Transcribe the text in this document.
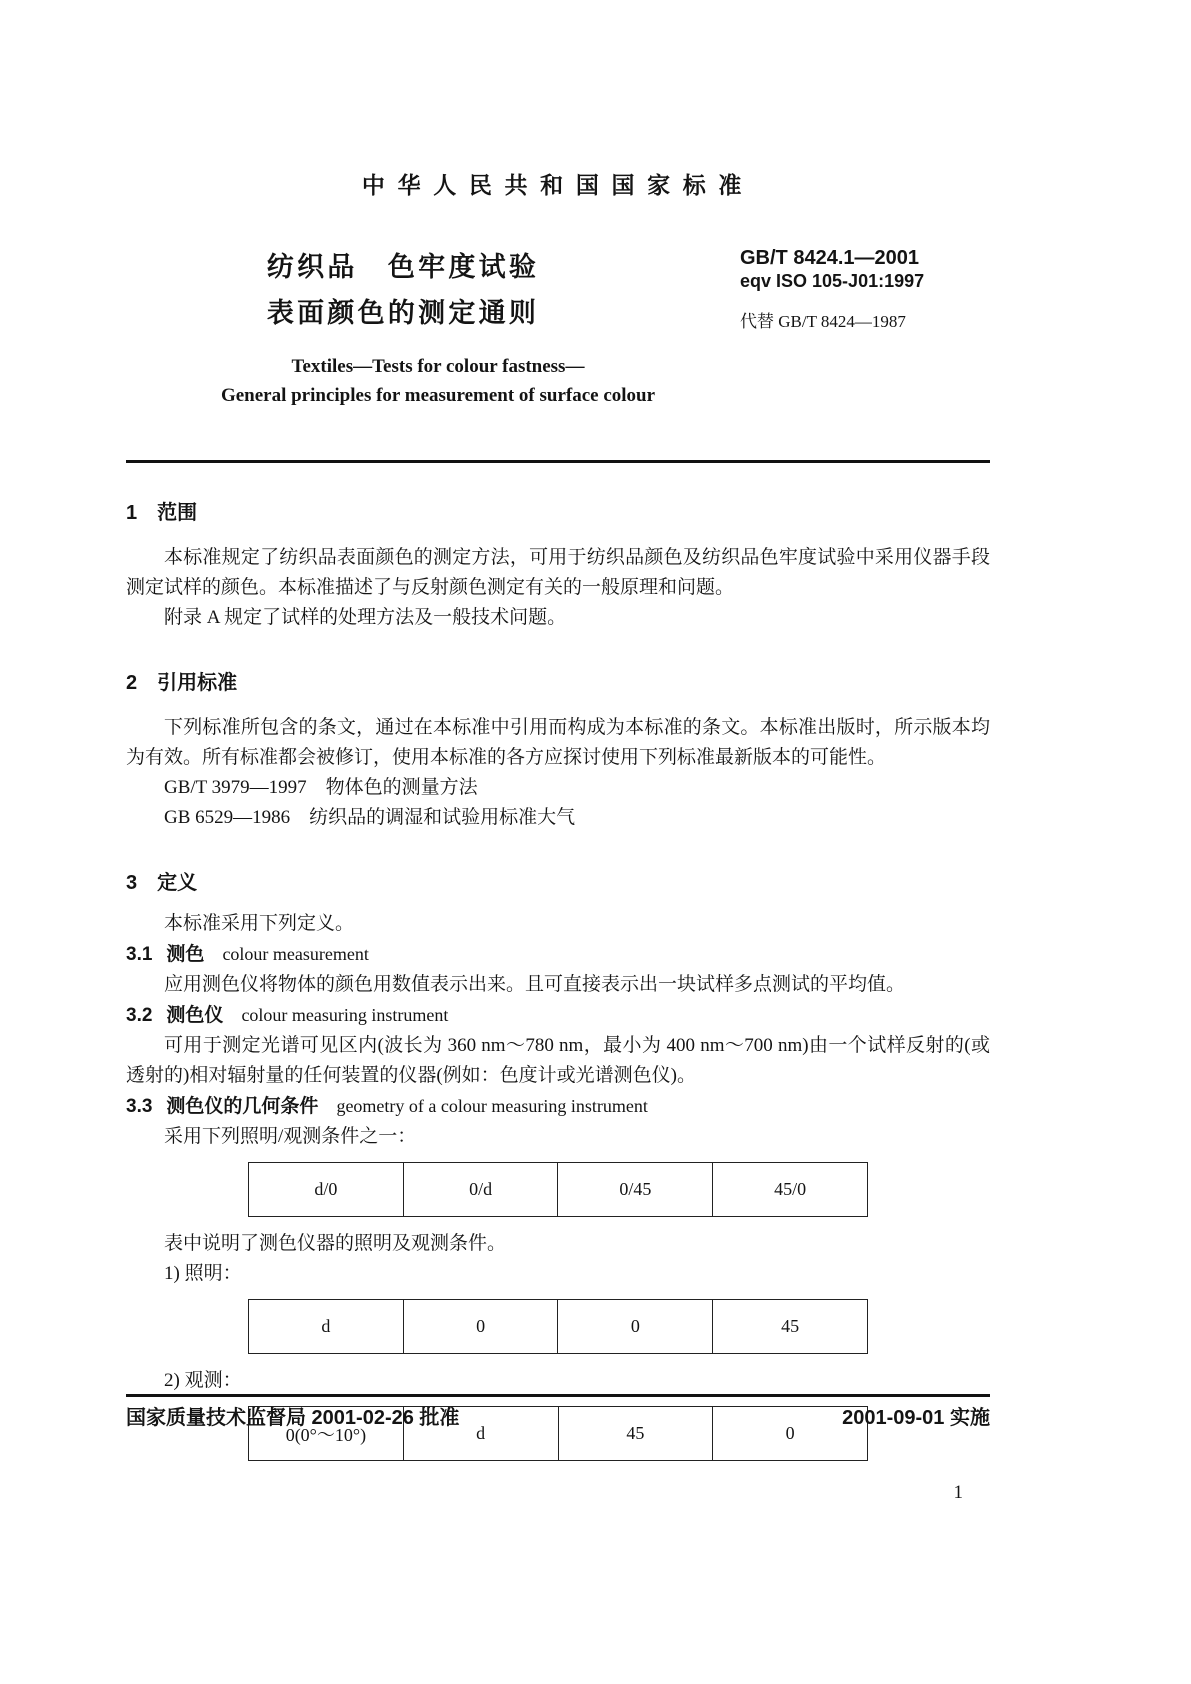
中华人民共和国国家标准
纺织品　色牢度试验
表面颜色的测定通则
GB/T 8424.1—2001
eqv ISO 105-J01:1997
代替 GB/T 8424—1987
Textiles—Tests for colour fastness—
General principles for measurement of surface colour
1　范围
本标准规定了纺织品表面颜色的测定方法，可用于纺织品颜色及纺织品色牢度试验中采用仪器手段测定试样的颜色。本标准描述了与反射颜色测定有关的一般原理和问题。
附录 A 规定了试样的处理方法及一般技术问题。
2　引用标准
下列标准所包含的条文，通过在本标准中引用而构成为本标准的条文。本标准出版时，所示版本均为有效。所有标准都会被修订，使用本标准的各方应探讨使用下列标准最新版本的可能性。
GB/T 3979—1997　物体色的测量方法
GB 6529—1986　纺织品的调湿和试验用标准大气
3　定义
本标准采用下列定义。
3.1 测色 colour measurement
应用测色仪将物体的颜色用数值表示出来。且可直接表示出一块试样多点测试的平均值。
3.2 测色仪 colour measuring instrument
可用于测定光谱可见区内(波长为 360 nm～780 nm，最小为 400 nm～700 nm)由一个试样反射的(或透射的)相对辐射量的任何装置的仪器(例如：色度计或光谱测色仪)。
3.3 测色仪的几何条件 geometry of a colour measuring instrument
采用下列照明/观测条件之一：
d/0	0/d	0/45	45/0
表中说明了测色仪器的照明及观测条件。
1) 照明：
d	0	0	45
2) 观测：
0(0°～10°)	d	45	0
国家质量技术监督局 2001-02-26 批准	2001-09-01 实施
1
